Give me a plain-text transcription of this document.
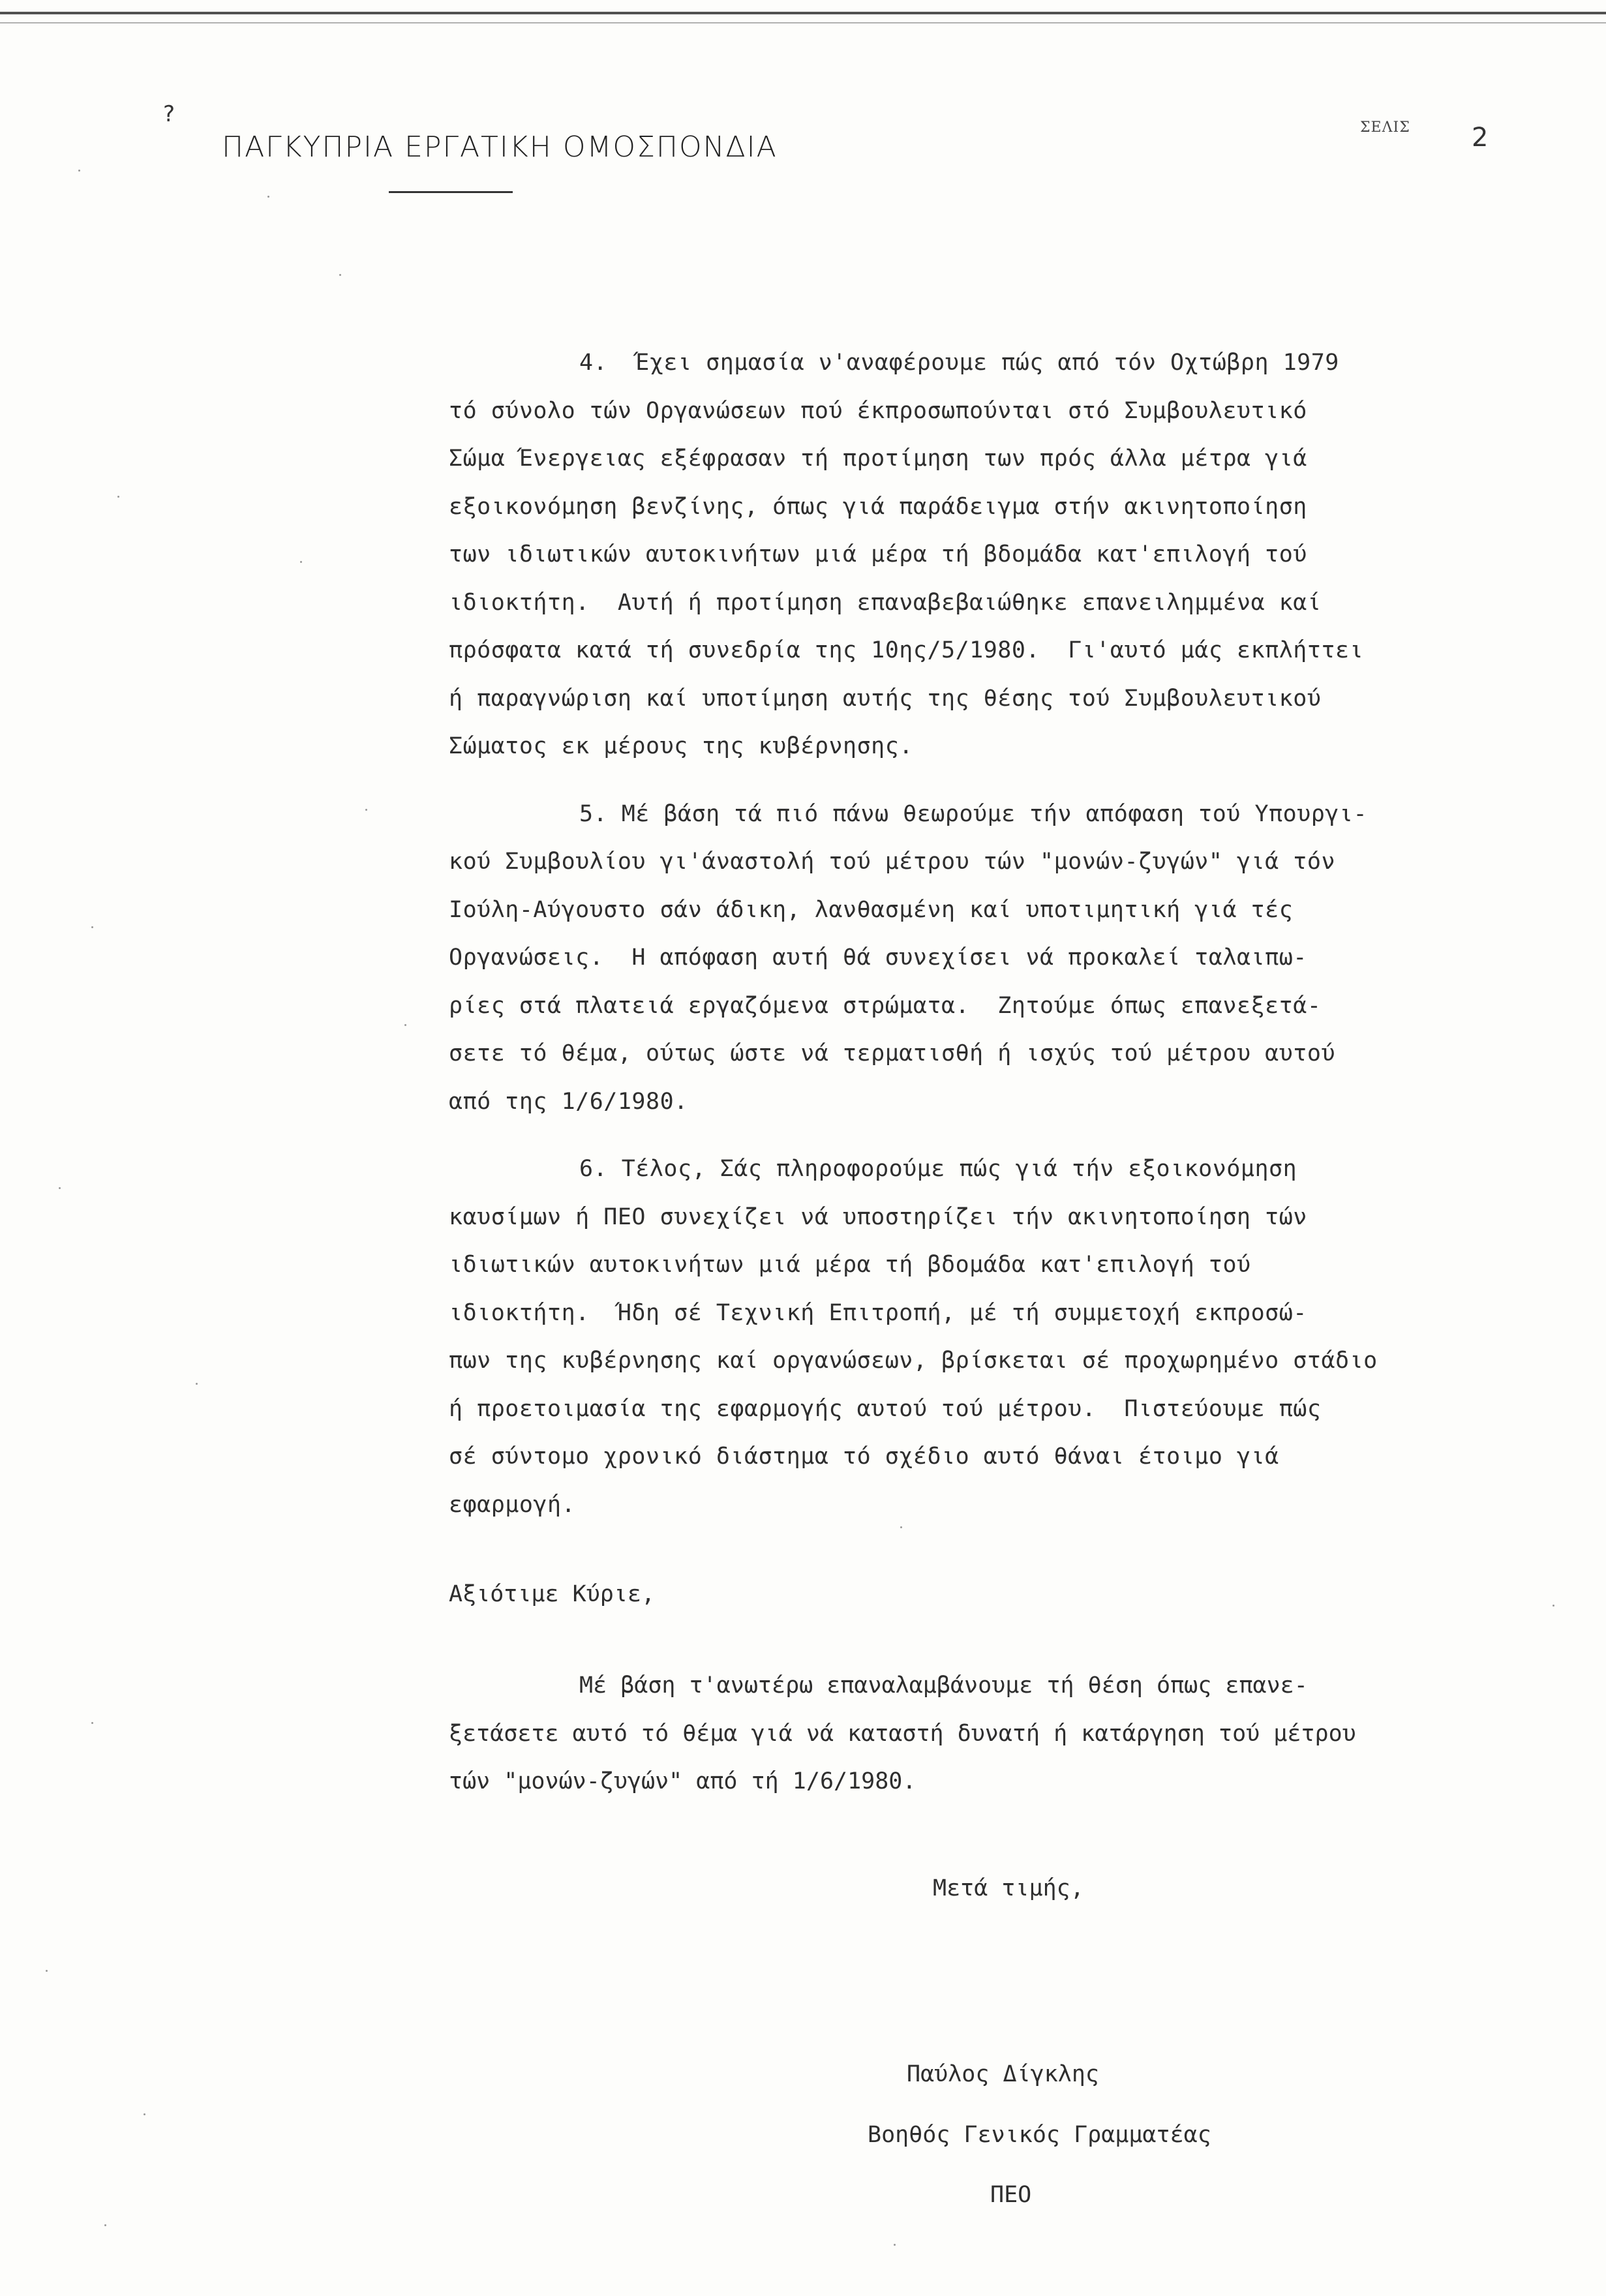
?
ΠΑΓΚΥΠΡΙΑ ΕΡΓΑΤΙΚΗ ΟΜΟΣΠΟΝΔΙΑ
ΣΕΛΙΣ 2
4.  Έχει σημασία ν'αναφέρουμε πώς από τόν Οχτώβρη 1979
τό σύνολο τών Οργανώσεων πού έκπροσωπούνται στό Συμβουλευτικό
Σώμα Ένεργειας εξέφρασαν τή προτίμηση των πρός άλλα μέτρα γιά
εξοικονόμηση βενζίνης, όπως γιά παράδειγμα στήν ακινητοποίηση
των ιδιωτικών αυτοκινήτων μιά μέρα τή βδομάδα κατ'επιλογή τού
ιδιοκτήτη.  Αυτή ή προτίμηση επαναβεβαιώθηκε επανειλημμένα καί
πρόσφατα κατά τή συνεδρία της 10ης/5/1980.  Γι'αυτό μάς εκπλήττει
ή παραγνώριση καί υποτίμηση αυτής της θέσης τού Συμβουλευτικού
Σώματος εκ μέρους της κυβέρνησης.
5. Μέ βάση τά πιό πάνω θεωρούμε τήν απόφαση τού Υπουργι-
κού Συμβουλίου γι'άναστολή τού μέτρου τών "μονών-ζυγών" γιά τόν
Ιούλη-Αύγουστο σάν άδικη, λανθασμένη καί υποτιμητική γιά τές
Οργανώσεις.  Η απόφαση αυτή θά συνεχίσει νά προκαλεί ταλαιπω-
ρίες στά πλατειά εργαζόμενα στρώματα.  Ζητούμε όπως επανεξετά-
σετε τό θέμα, ούτως ώστε νά τερματισθή ή ισχύς τού μέτρου αυτού
από της 1/6/1980.
6. Τέλος, Σάς πληροφορούμε πώς γιά τήν εξοικονόμηση
καυσίμων ή ΠΕΟ συνεχίζει νά υποστηρίζει τήν ακινητοποίηση τών
ιδιωτικών αυτοκινήτων μιά μέρα τή βδομάδα κατ'επιλογή τού
ιδιοκτήτη.  Ήδη σέ Τεχνική Επιτροπή, μέ τή συμμετοχή εκπροσώ-
πων της κυβέρνησης καί οργανώσεων, βρίσκεται σέ προχωρημένο στάδιο
ή προετοιμασία της εφαρμογής αυτού τού μέτρου.  Πιστεύουμε πώς
σέ σύντομο χρονικό διάστημα τό σχέδιο αυτό θάναι έτοιμο γιά
εφαρμογή.
Αξιότιμε Κύριε,
Μέ βάση τ'ανωτέρω επαναλαμβάνουμε τή θέση όπως επανε-
ξετάσετε αυτό τό θέμα γιά νά καταστή δυνατή ή κατάργηση τού μέτρου
τών "μονών-ζυγών" από τή 1/6/1980.
Μετά τιμής,
Παύλος Δίγκλης
Βοηθός Γενικός Γραμματέας
ΠΕΟ
